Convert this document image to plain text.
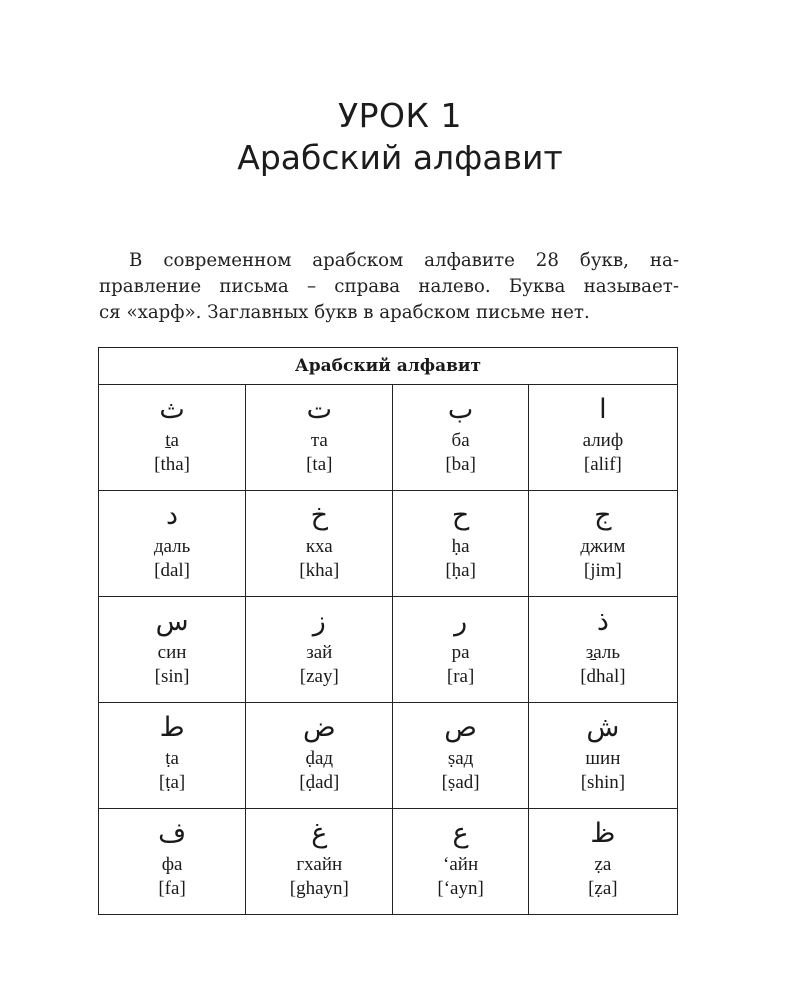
УРОК 1
Арабский алфавит

В современном арабском алфавите 28 букв, на-
правление письма – справа налево. Буква называет-
ся «харф». Заглавных букв в арабском письме нет.

Арабский алфавит			

ث
ṯа
[tha]	ت
та
[ta]	ب
ба
[ba]	ا
алиф
[alif]

د
даль
[dal]	خ
кха
[kha]	ح
ḥа
[ḥa]	ج
джим
[jim]

س
син
[sin]	ز
зай
[zay]	ر
ра
[ra]	ذ
з̱аль
[dhal]

ط
ṭа
[ṭa]	ض
ḍад
[ḍad]	ص
ṣад
[ṣad]	ش
шин
[shin]

ف
фа
[fa]	غ
гхайн
[ghayn]	ع
‘айн
[‘ayn]	ظ
ẓа
[ẓa]
